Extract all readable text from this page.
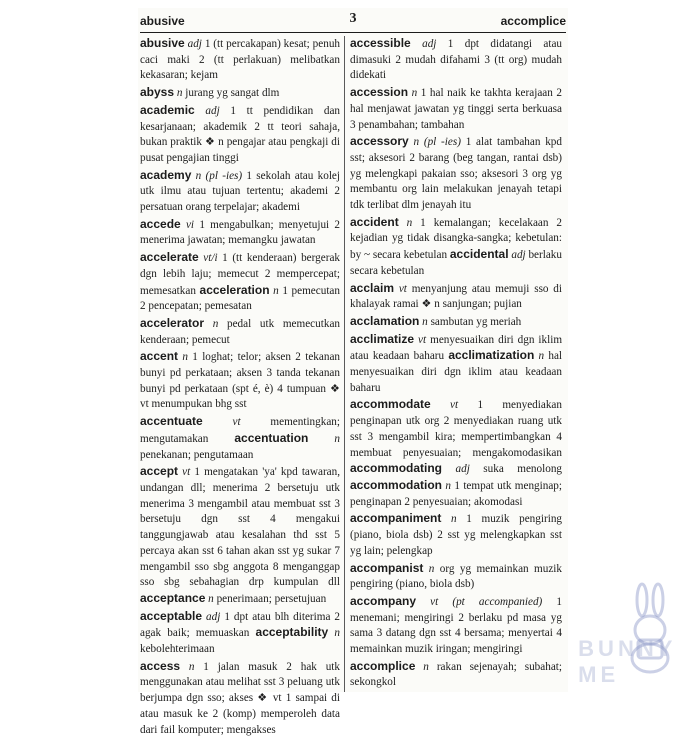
abusive	3	accomplice

abusive adj 1 (tt percakapan) kesat; penuh caci maki 2 (tt perlakuan) melibatkan kekasaran; kejam

abyss n jurang yg sangat dlm

academic adj 1 tt pendidikan dan kesarjanaan; akademik 2 tt teori sahaja, bukan praktik ❖ n pengajar atau pengkaji di pusat pengajian tinggi

academy n (pl -ies) 1 sekolah atau kolej utk ilmu atau tujuan tertentu; akademi 2 persatuan orang terpelajar; akademi

accede vi 1 mengabulkan; menyetujui 2 menerima jawatan; memangku jawatan

accelerate vt/i 1 (tt kenderaan) bergerak dgn lebih laju; memecut 2 mempercepat; memesatkan acceleration n 1 pemecutan 2 pencepatan; pemesatan

accelerator n pedal utk memecutkan kenderaan; pemecut

accent n 1 loghat; telor; aksen 2 tekanan bunyi pd perkataan; aksen 3 tanda tekanan bunyi pd perkataan (spt é, è) 4 tumpuan ❖ vt menumpukan bhg sst

accentuate	vt	mementingkan; mengutamakan accentuation n penekanan; pengutamaan

accept vt 1 mengatakan 'ya' kpd tawaran, undangan dll; menerima 2 bersetuju utk menerima 3 mengambil atau membuat sst 3 bersetuju dgn sst 4 mengakui tanggungjawab atau kesalahan thd sst 5 percaya akan sst 6 tahan akan sst yg sukar 7 mengambil sso sbg anggota 8 menganggap sso sbg sebahagian drp kumpulan dll acceptance n penerimaan; persetujuan

acceptable adj 1 dpt atau blh diterima 2 agak baik; memuaskan acceptability n kebolehterimaan

access n 1 jalan masuk 2 hak utk menggunakan atau melihat sst 3 peluang utk berjumpa dgn sso; akses ❖ vt 1 sampai di atau masuk ke 2 (komp) memperoleh data dari fail komputer; mengakses

accessible adj 1 dpt didatangi atau dimasuki 2 mudah difahami 3 (tt org) mudah didekati

accession n 1 hal naik ke takhta kerajaan 2 hal menjawat jawatan yg tinggi serta berkuasa 3 penambahan; tambahan

accessory n (pl -ies) 1 alat tambahan kpd sst; aksesori 2 barang (beg tangan, rantai dsb) yg melengkapi pakaian sso; aksesori 3 org yg membantu org lain melakukan jenayah tetapi tdk terlibat dlm jenayah itu

accident n 1 kemalangan; kecelakaan 2 kejadian yg tidak disangka-sangka; kebetulan: by ~ secara kebetulan accidental adj berlaku secara kebetulan

acclaim vt menyanjung atau memuji sso di khalayak ramai ❖ n sanjungan; pujian

acclamation n sambutan yg meriah

acclimatize vt menyesuaikan diri dgn iklim atau keadaan baharu acclimatization n hal menyesuaikan diri dgn iklim atau keadaan baharu

accommodate vt 1 menyediakan penginapan utk org 2 menyediakan ruang utk sst 3 mengambil kira; mempertimbangkan 4 membuat penyesuaian; mengakomodasikan accommodating adj suka menolong accommodation n 1 tempat utk menginap; penginapan 2 penyesuaian; akomodasi

accompaniment n 1 muzik pengiring (piano, biola dsb) 2 sst yg melengkapkan sst yg lain; pelengkap

accompanist n org yg memainkan muzik pengiring (piano, biola dsb)

accompany vt (pt accompanied) 1 menemani; mengiringi 2 berlaku pd masa yg sama 3 datang dgn sst 4 bersama; menyertai 4 memainkan muzik iringan; mengiringi

accomplice n rakan sejenayah; subahat; sekongkol

BUNNY ME
